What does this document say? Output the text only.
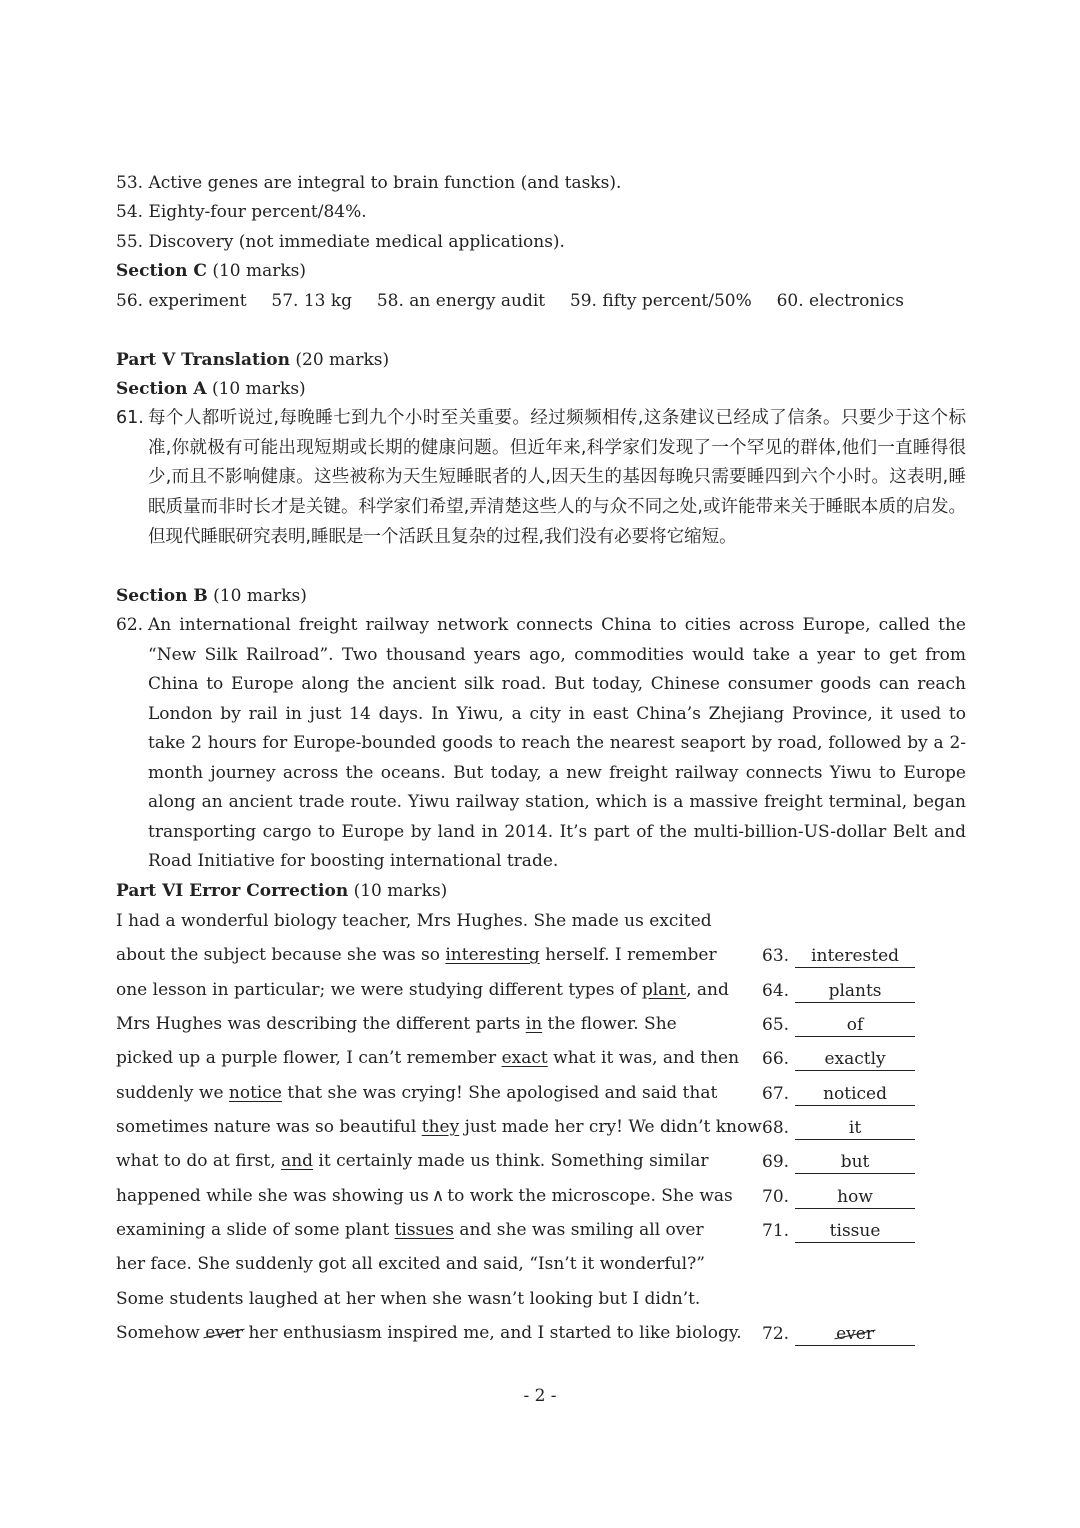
53. Active genes are integral to brain function (and tasks).
54. Eighty-four percent/84%.
55. Discovery (not immediate medical applications).
Section C (10 marks)
56. experiment 57. 13 kg 58. an energy audit 59. fifty percent/50% 60. electronics
Part V Translation (20 marks)
Section A (10 marks)
61. 每个人都听说过,每晚睡七到九个小时至关重要。经过频频相传,这条建议已经成了信条。只要少于这个标准,你就极有可能出现短期或长期的健康问题。但近年来,科学家们发现了一个罕见的群体,他们一直睡得很少,而且不影响健康。这些被称为天生短睡眠者的人,因天生的基因每晚只需要睡四到六个小时。这表明,睡眠质量而非时长才是关键。科学家们希望,弄清楚这些人的与众不同之处,或许能带来关于睡眠本质的启发。但现代睡眠研究表明,睡眠是一个活跃且复杂的过程,我们没有必要将它缩短。
Section B (10 marks)
62. An international freight railway network connects China to cities across Europe, called the “New Silk Railroad”. Two thousand years ago, commodities would take a year to get from China to Europe along the ancient silk road. But today, Chinese consumer goods can reach London by rail in just 14 days. In Yiwu, a city in east China’s Zhejiang Province, it used to take 2 hours for Europe-bounded goods to reach the nearest seaport by road, followed by a 2-month journey across the oceans. But today, a new freight railway connects Yiwu to Europe along an ancient trade route. Yiwu railway station, which is a massive freight terminal, began transporting cargo to Europe by land in 2014. It’s part of the multi-billion-US-dollar Belt and Road Initiative for boosting international trade.
Part VI Error Correction (10 marks)
I had a wonderful biology teacher, Mrs Hughes. She made us excited
about the subject because she was so interesting herself. I remember
one lesson in particular; we were studying different types of plant, and
Mrs Hughes was describing the different parts in the flower. She
picked up a purple flower, I can’t remember exact what it was, and then
suddenly we notice that she was crying! She apologised and said that
sometimes nature was so beautiful they just made her cry! We didn’t know
what to do at first, and it certainly made us think. Something similar
happened while she was showing us ∧ to work the microscope. She was
examining a slide of some plant tissues and she was smiling all over
her face. She suddenly got all excited and said, “Isn’t it wonderful?”
Some students laughed at her when she wasn’t looking but I didn’t.
Somehow ever her enthusiasm inspired me, and I started to like biology.
63. interested
64. plants
65.	of
66. exactly
67. noticed
68.	it
69.	but
70.	how
71. tissue
72.	ever
- 2 -
